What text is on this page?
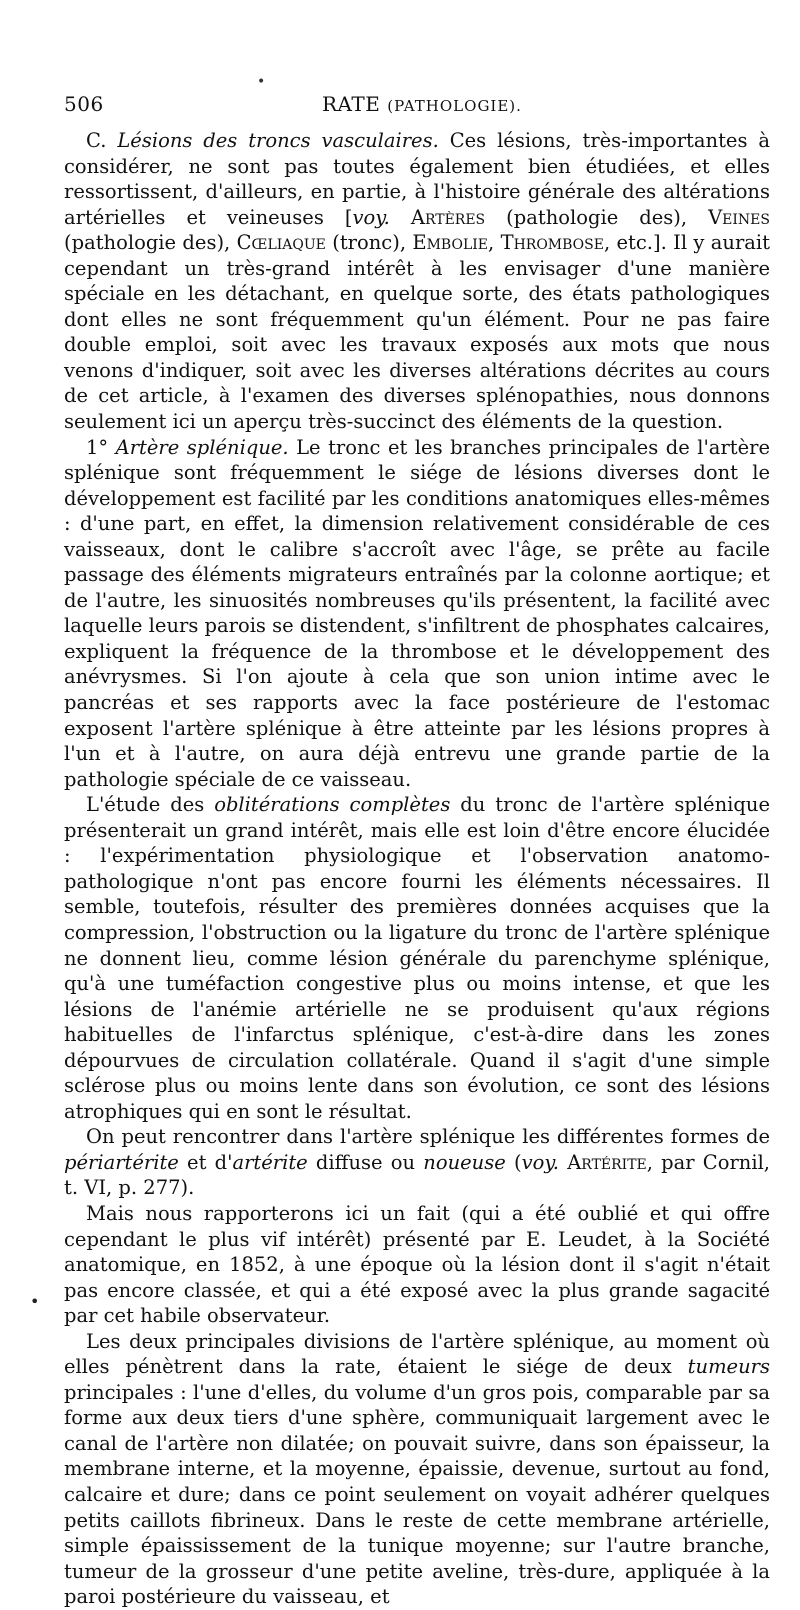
•
506	RATE (PATHOLOGIE).

C. Lésions des troncs vasculaires. Ces lésions, très-importantes à considérer, ne sont pas toutes également bien étudiées, et elles ressortissent, d'ailleurs, en partie, à l'histoire générale des altérations artérielles et veineuses [voy. Artères (pathologie des), Veines (pathologie des), Cœliaque (tronc), Embolie, Thrombose, etc.]. Il y aurait cependant un très-grand intérêt à les envisager d'une manière spéciale en les détachant, en quelque sorte, des états pathologiques dont elles ne sont fréquemment qu'un élément. Pour ne pas faire double emploi, soit avec les travaux exposés aux mots que nous venons d'indiquer, soit avec les diverses altérations décrites au cours de cet article, à l'examen des diverses splénopathies, nous donnons seulement ici un aperçu très-succinct des éléments de la question.

1° Artère splénique. Le tronc et les branches principales de l'artère splénique sont fréquemment le siége de lésions diverses dont le développement est facilité par les conditions anatomiques elles-mêmes : d'une part, en effet, la dimension relativement considérable de ces vaisseaux, dont le calibre s'accroît avec l'âge, se prête au facile passage des éléments migrateurs entraînés par la colonne aortique; et de l'autre, les sinuosités nombreuses qu'ils présentent, la facilité avec laquelle leurs parois se distendent, s'infiltrent de phosphates calcaires, expliquent la fréquence de la thrombose et le développement des anévrysmes. Si l'on ajoute à cela que son union intime avec le pancréas et ses rapports avec la face postérieure de l'estomac exposent l'artère splénique à être atteinte par les lésions propres à l'un et à l'autre, on aura déjà entrevu une grande partie de la pathologie spéciale de ce vaisseau.

L'étude des oblitérations complètes du tronc de l'artère splénique présenterait un grand intérêt, mais elle est loin d'être encore élucidée : l'expérimentation physiologique et l'observation anatomo-pathologique n'ont pas encore fourni les éléments nécessaires. Il semble, toutefois, résulter des premières données acquises que la compression, l'obstruction ou la ligature du tronc de l'artère splénique ne donnent lieu, comme lésion générale du parenchyme splénique, qu'à une tuméfaction congestive plus ou moins intense, et que les lésions de l'anémie artérielle ne se produisent qu'aux régions habituelles de l'infarctus splénique, c'est-à-dire dans les zones dépourvues de circulation collatérale. Quand il s'agit d'une simple sclérose plus ou moins lente dans son évolution, ce sont des lésions atrophiques qui en sont le résultat.

On peut rencontrer dans l'artère splénique les différentes formes de périartérite et d'artérite diffuse ou noueuse (voy. Artérite, par Cornil, t. VI, p. 277).

Mais nous rapporterons ici un fait (qui a été oublié et qui offre cependant le plus vif intérêt) présenté par E. Leudet, à la Société anatomique, en 1852, à une époque où la lésion dont il s'agit n'était pas encore classée, et qui a été exposé avec la plus grande sagacité par cet habile observateur.

Les deux principales divisions de l'artère splénique, au moment où elles pénètrent dans la rate, étaient le siége de deux tumeurs principales : l'une d'elles, du volume d'un gros pois, comparable par sa forme aux deux tiers d'une sphère, communiquait largement avec le canal de l'artère non dilatée; on pouvait suivre, dans son épaisseur, la membrane interne, et la moyenne, épaissie, devenue, surtout au fond, calcaire et dure; dans ce point seulement on voyait adhérer quelques petits caillots fibrineux. Dans le reste de cette membrane artérielle, simple épaississement de la tunique moyenne; sur l'autre branche, tumeur de la grosseur d'une petite aveline, très-dure, appliquée à la paroi postérieure du vaisseau, et

•
